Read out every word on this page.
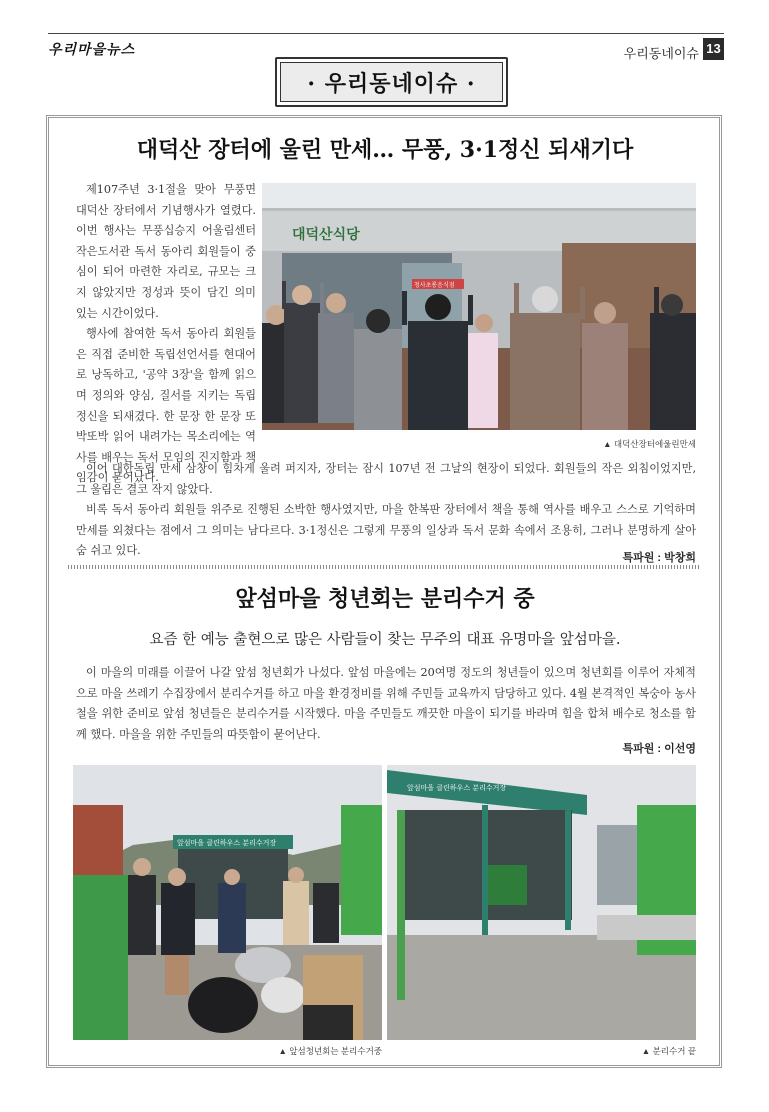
우리마을뉴스	우리동네이슈 13
· 우리동네이슈 ·
대덕산 장터에 울린 만세… 무풍, 3·1정신 되새기다

제107주년 3·1절을 맞아 무풍면 대덕산 장터에서 기념행사가 열렸다. 이번 행사는 무풍십승지 어울림센터 작은도서관 독서 동아리 회원들이 중심이 되어 마련한 자리로, 규모는 크지 않았지만 정성과 뜻이 담긴 의미 있는 시간이었다.

행사에 참여한 독서 동아리 회원들은 직접 준비한 독립선언서를 현대어로 낭독하고, '공약 3장'을 함께 읽으며 정의와 양심, 질서를 지키는 독립정신을 되새겼다. 한 문장 한 문장 또박또박 읽어 내려가는 목소리에는 역사를 배우는 독서 모임의 진지함과 책임감이 묻어났다.

대덕산식당
청사초롱음식점
▲ 대덕산장터에울린만세

이어 대한독립 만세 삼창이 힘차게 울려 퍼지자, 장터는 잠시 107년 전 그날의 현장이 되었다. 회원들의 작은 외침이었지만, 그 울림은 결코 작지 않았다.

비록 독서 동아리 회원들 위주로 진행된 소박한 행사였지만, 마을 한복판 장터에서 책을 통해 역사를 배우고 스스로 기억하며 만세를 외쳤다는 점에서 그 의미는 남다르다. 3·1정신은 그렇게 무풍의 일상과 독서 문화 속에서 조용히, 그러나 분명하게 살아 숨 쉬고 있다.

특파원 : 박창희
앞섬마을 청년회는 분리수거 중
요즘 한 예능 출현으로 많은 사람들이 찾는 무주의 대표 유명마을 앞섬마을.

이 마을의 미래를 이끌어 나갈 앞섬 청년회가 나섰다. 앞섬 마을에는 20여명 정도의 청년들이 있으며 청년회를 이루어 자체적으로 마을 쓰레기 수집장에서 분리수거를 하고 마을 환경정비를 위해 주민들 교육까지 담당하고 있다. 4월 본격적인 복숭아 농사철을 위한 준비로 앞섬 청년들은 분리수거를 시작했다. 마을 주민들도 깨끗한 마을이 되기를 바라며 힘을 합쳐 배수로 청소를 함께 했다. 마을을 위한 주민들의 따뜻함이 묻어난다.

특파원 : 이선영
앞섬마을 클린하우스 분리수거장
앞섬마을 클린하우스 분리수거장
▲ 앞섬청년회는 분리수거중	▲ 분리수거 끝
